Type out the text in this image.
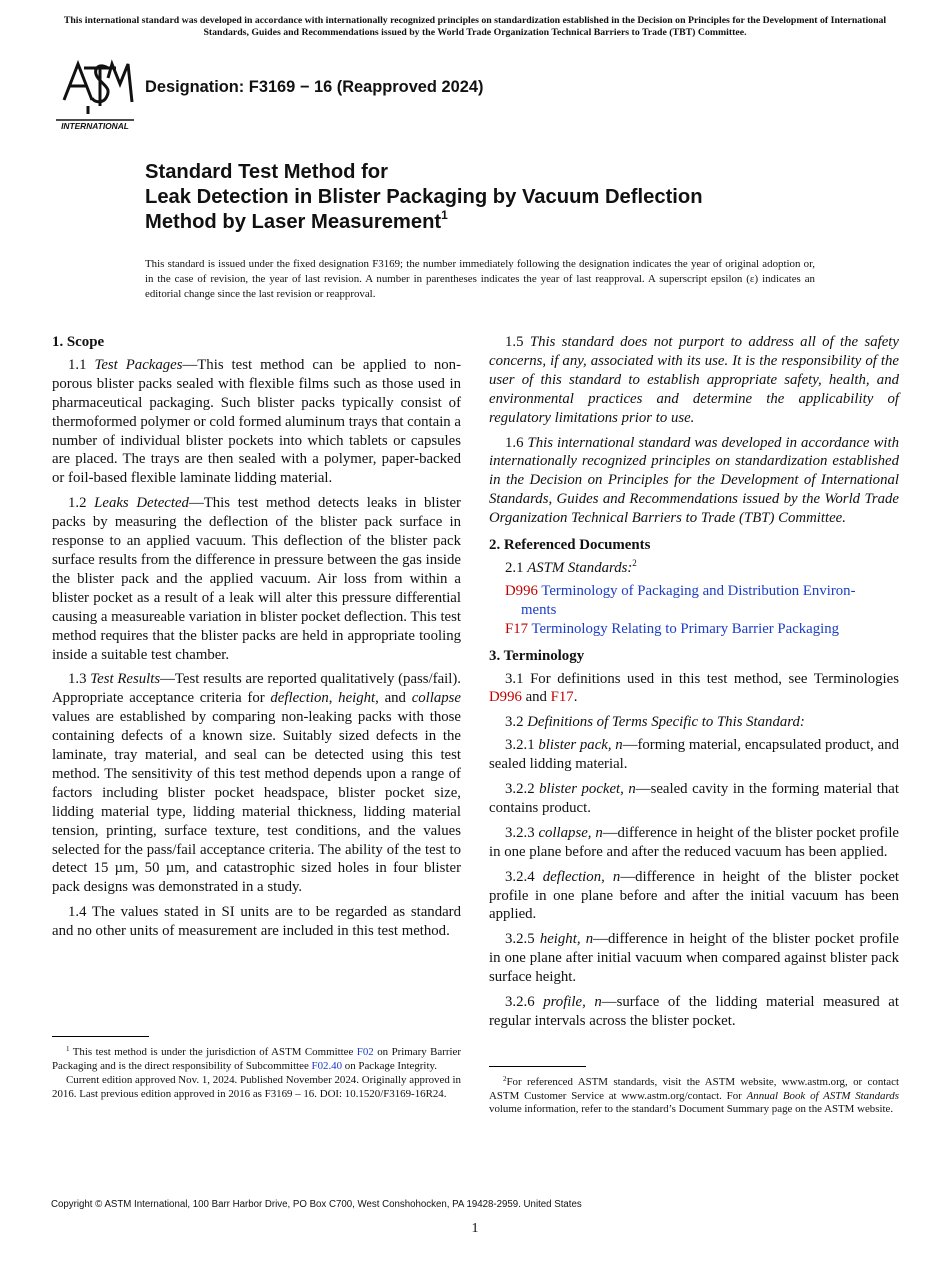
This international standard was developed in accordance with internationally recognized principles on standardization established in the Decision on Principles for the Development of International Standards, Guides and Recommendations issued by the World Trade Organization Technical Barriers to Trade (TBT) Committee.
INTERNATIONAL
Designation: F3169 − 16 (Reapproved 2024)
Standard Test Method for
Leak Detection in Blister Packaging by Vacuum Deflection
Method by Laser Measurement$^1$
This standard is issued under the fixed designation F3169; the number immediately following the designation indicates the year of original adoption or, in the case of revision, the year of last revision. A number in parentheses indicates the year of last reapproval. A superscript epsilon (ε) indicates an editorial change since the last revision or reapproval.
1. Scope

1.1 Test Packages—This test method can be applied to non-porous blister packs sealed with flexible films such as those used in pharmaceutical packaging. Such blister packs typically consist of thermoformed polymer or cold formed aluminum trays that contain a number of individual blister pockets into which tablets or capsules are placed. The trays are then sealed with a polymer, paper-backed or foil-based flexible laminate lidding material.

1.2 Leaks Detected—This test method detects leaks in blister packs by measuring the deflection of the blister pack surface in response to an applied vacuum. This deflection of the blister pack surface results from the difference in pressure between the gas inside the blister pack and the applied vacuum. Air loss from within a blister pocket as a result of a leak will alter this pressure differential causing a measureable variation in blister pocket deflection. This test method requires that the blister packs are held in appropriate tooling inside a suitable test chamber.

1.3 Test Results—Test results are reported qualitatively (pass/fail). Appropriate acceptance criteria for deflection, height, and collapse values are established by comparing non-leaking packs with those containing defects of a known size. Suitably sized defects in the laminate, tray material, and seal can be detected using this test method. The sensitivity of this test method depends upon a range of factors including blister pocket headspace, blister pocket size, lidding material type, lidding material thickness, lidding material tension, printing, surface texture, test conditions, and the values selected for the pass/fail acceptance criteria. The ability of the test to detect 15 µm, 50 µm, and catastrophic sized holes in four blister pack designs was demonstrated in a study.

1.4 The values stated in SI units are to be regarded as standard and no other units of measurement are included in this test method.

$^1$ This test method is under the jurisdiction of ASTM Committee F02 on Primary Barrier Packaging and is the direct responsibility of Subcommittee F02.40 on Package Integrity.

Current edition approved Nov. 1, 2024. Published November 2024. Originally approved in 2016. Last previous edition approved in 2016 as F3169 – 16. DOI: 10.1520/F3169-16R24.

1.5 This standard does not purport to address all of the safety concerns, if any, associated with its use. It is the responsibility of the user of this standard to establish appropriate safety, health, and environmental practices and determine the applicability of regulatory limitations prior to use.

1.6 This international standard was developed in accordance with internationally recognized principles on standardization established in the Decision on Principles for the Development of International Standards, Guides and Recommendations issued by the World Trade Organization Technical Barriers to Trade (TBT) Committee.

2. Referenced Documents

2.1 ASTM Standards:$^2$

D996 Terminology of Packaging and Distribution Environ-
ments
F17 Terminology Relating to Primary Barrier Packaging
3. Terminology

3.1 For definitions used in this test method, see Terminologies D996 and F17.

3.2 Definitions of Terms Specific to This Standard:

3.2.1 blister pack, n—forming material, encapsulated product, and sealed lidding material.

3.2.2 blister pocket, n—sealed cavity in the forming material that contains product.

3.2.3 collapse, n—difference in height of the blister pocket profile in one plane before and after the reduced vacuum has been applied.

3.2.4 deflection, n—difference in height of the blister pocket profile in one plane before and after the initial vacuum has been applied.

3.2.5 height, n—difference in height of the blister pocket profile in one plane after initial vacuum when compared against blister pack surface height.

3.2.6 profile, n—surface of the lidding material measured at regular intervals across the blister pocket.

$^2$For referenced ASTM standards, visit the ASTM website, www.astm.org, or contact ASTM Customer Service at www.astm.org/contact. For Annual Book of ASTM Standards volume information, refer to the standard’s Document Summary page on the ASTM website.

Copyright © ASTM International, 100 Barr Harbor Drive, PO Box C700, West Conshohocken, PA 19428-2959. United States
1
